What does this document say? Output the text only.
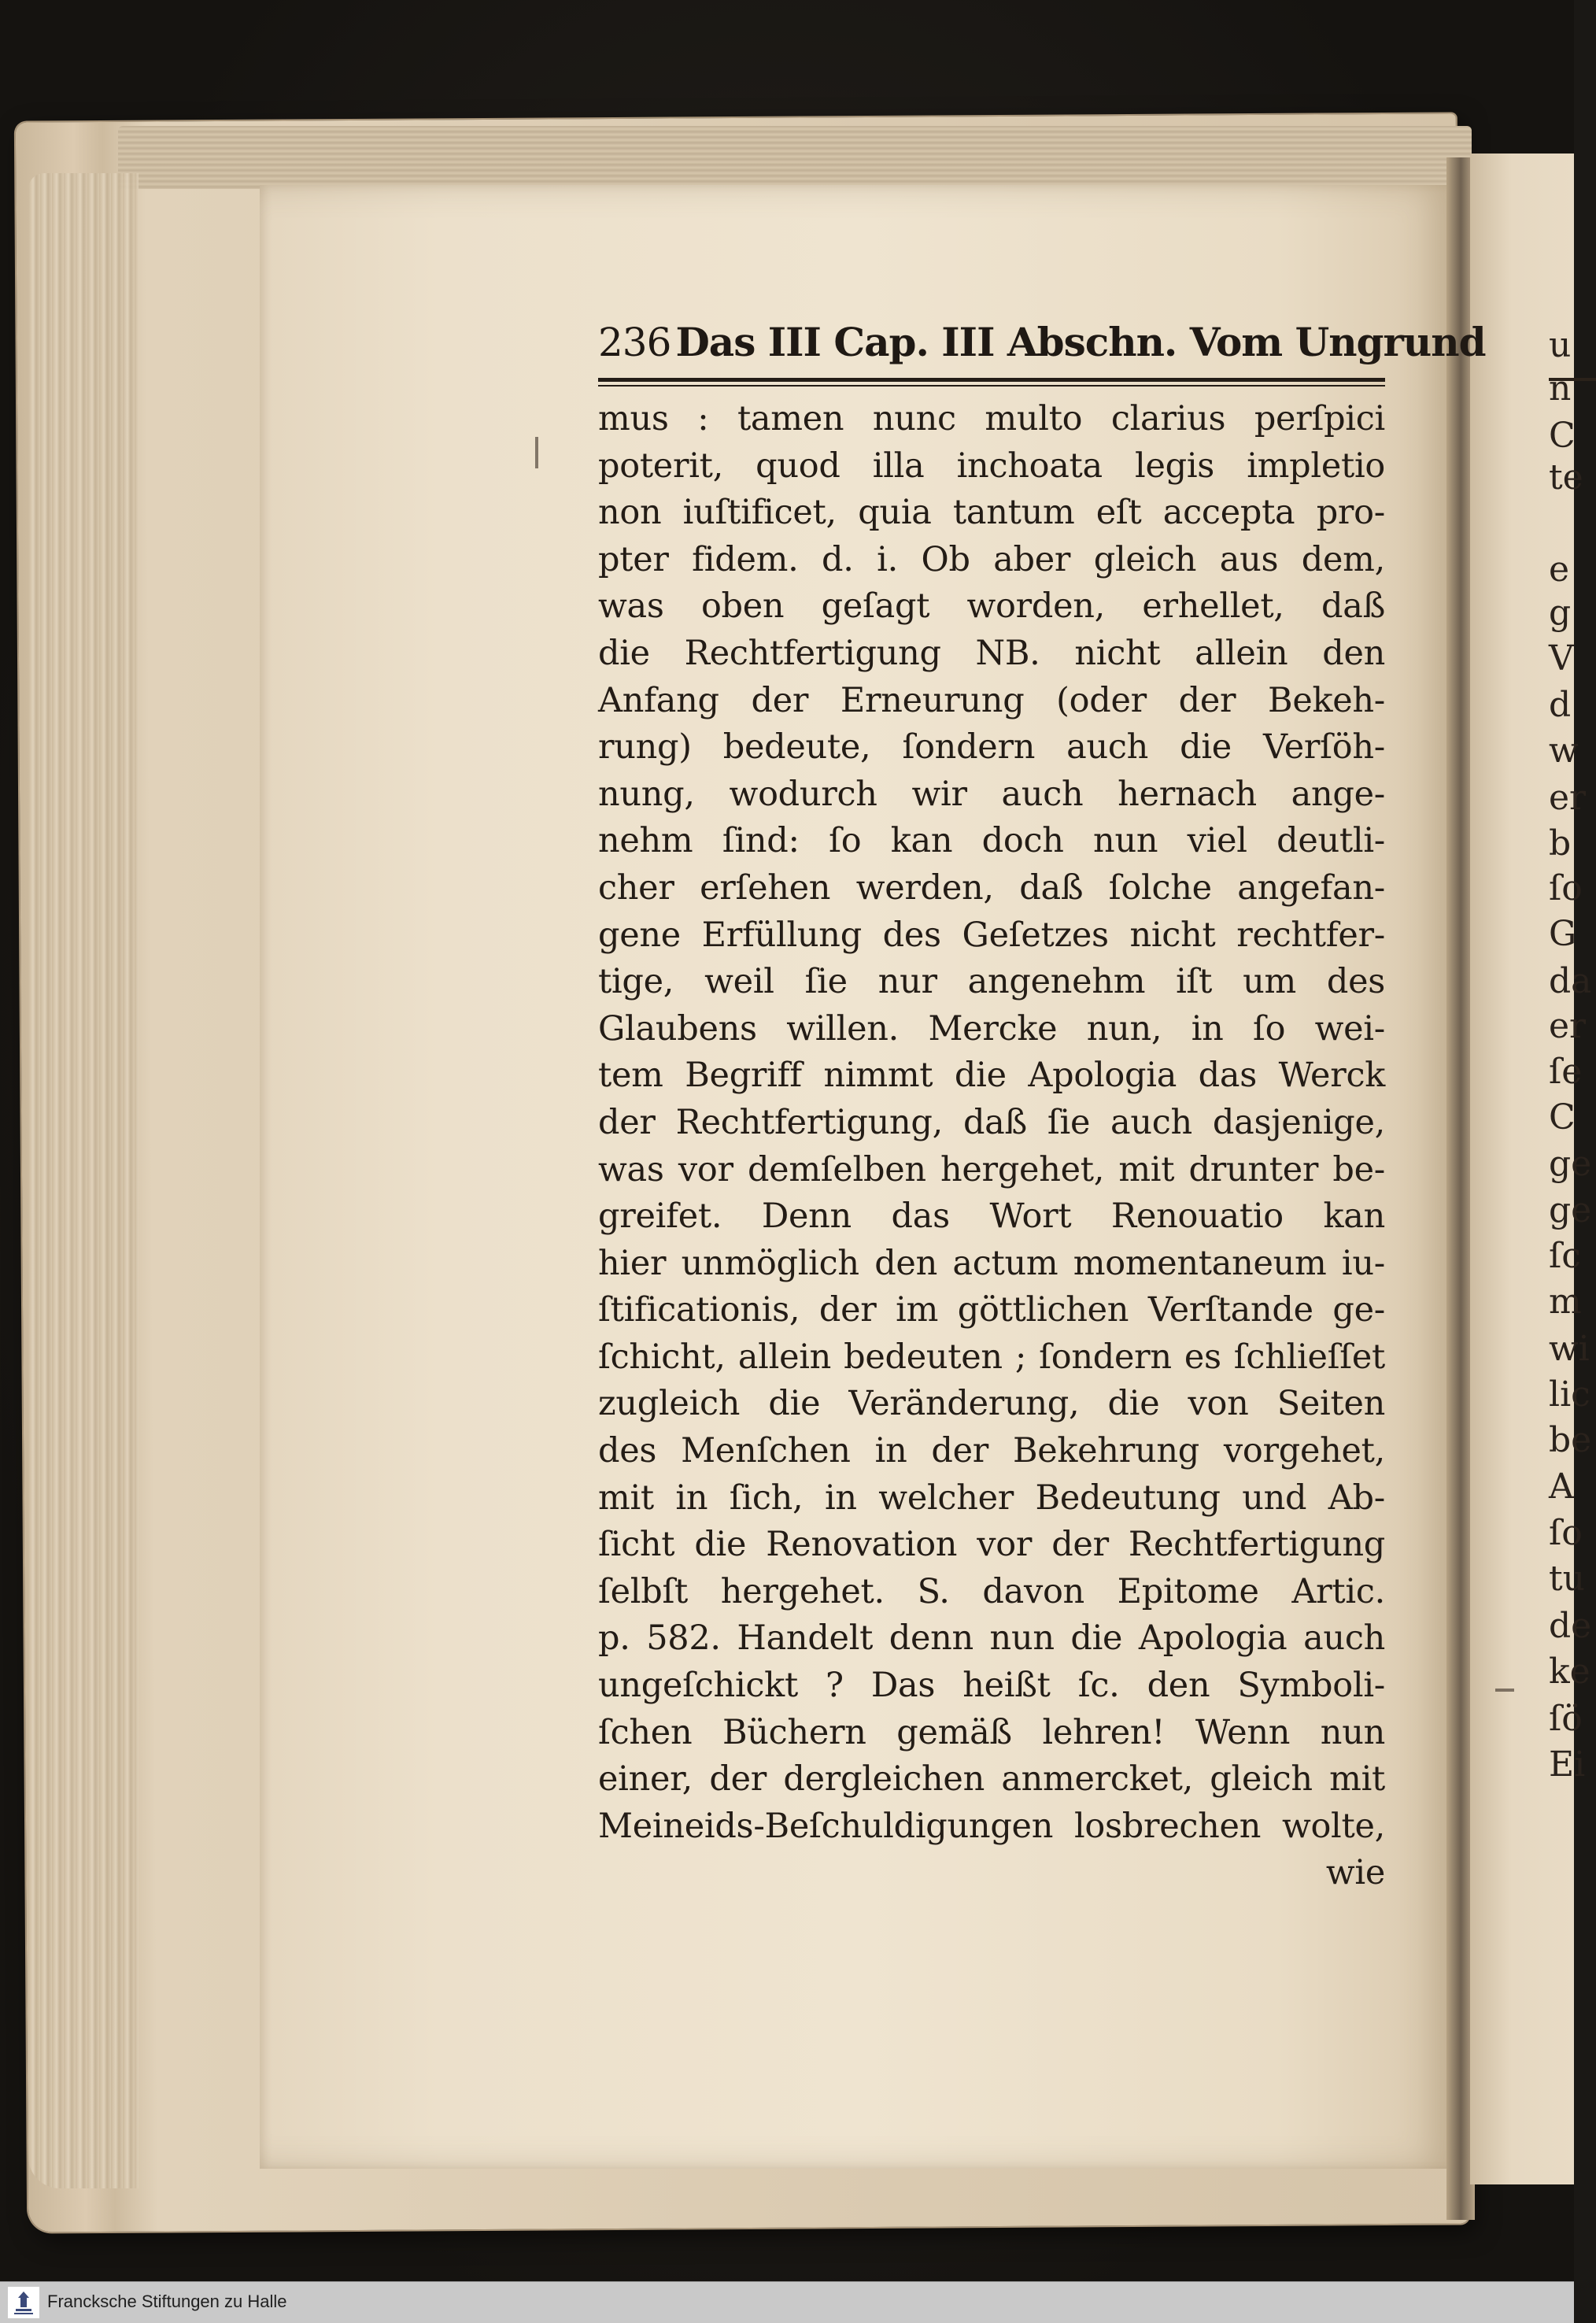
u
n
C
te
e
g
V
d
w
er
b
ſo
G
da
er
ſe
C
ge
ge
ſc
m
wi
lic
be
A
ſo
tu
de
ke
ſö
Ei
236 Das III Cap. III Abschn. Vom Ungrund
mus : tamen nunc multo clarius perſpici
poterit, quod illa inchoata legis impletio
non iuſtificet, quia tantum eſt accepta pro-
pter fidem. d. i. Ob aber gleich aus dem,
was oben geſagt worden, erhellet, daß
die Rechtfertigung NB. nicht allein den
Anfang der Erneurung (oder der Bekeh-
rung) bedeute, ſondern auch die Verſöh-
nung, wodurch wir auch hernach ange-
nehm ſind: ſo kan doch nun viel deutli-
cher erſehen werden, daß ſolche angefan-
gene Erfüllung des Geſetzes nicht rechtfer-
tige, weil ſie nur angenehm iſt um des
Glaubens willen. Mercke nun, in ſo wei-
tem Begriff nimmt die Apologia das Werck
der Rechtfertigung, daß ſie auch dasjenige,
was vor demſelben hergehet, mit drunter be-
greifet. Denn das Wort Renouatio kan
hier unmöglich den actum momentaneum iu-
ſtificationis, der im göttlichen Verſtande ge-
ſchicht, allein bedeuten ; ſondern es ſchlieſſet
zugleich die Veränderung, die von Seiten
des Menſchen in der Bekehrung vorgehet,
mit in ſich, in welcher Bedeutung und Ab-
ſicht die Renovation vor der Rechtfertigung
ſelbſt hergehet. S. davon Epitome Artic.
p. 582. Handelt denn nun die Apologia auch
ungeſchickt ? Das heißt ſc. den Symboli-
ſchen Büchern gemäß lehren! Wenn nun
einer, der dergleichen anmercket, gleich mit
Meineids-Beſchuldigungen losbrechen wolte,
wie
Francksche Stiftungen zu Halle
